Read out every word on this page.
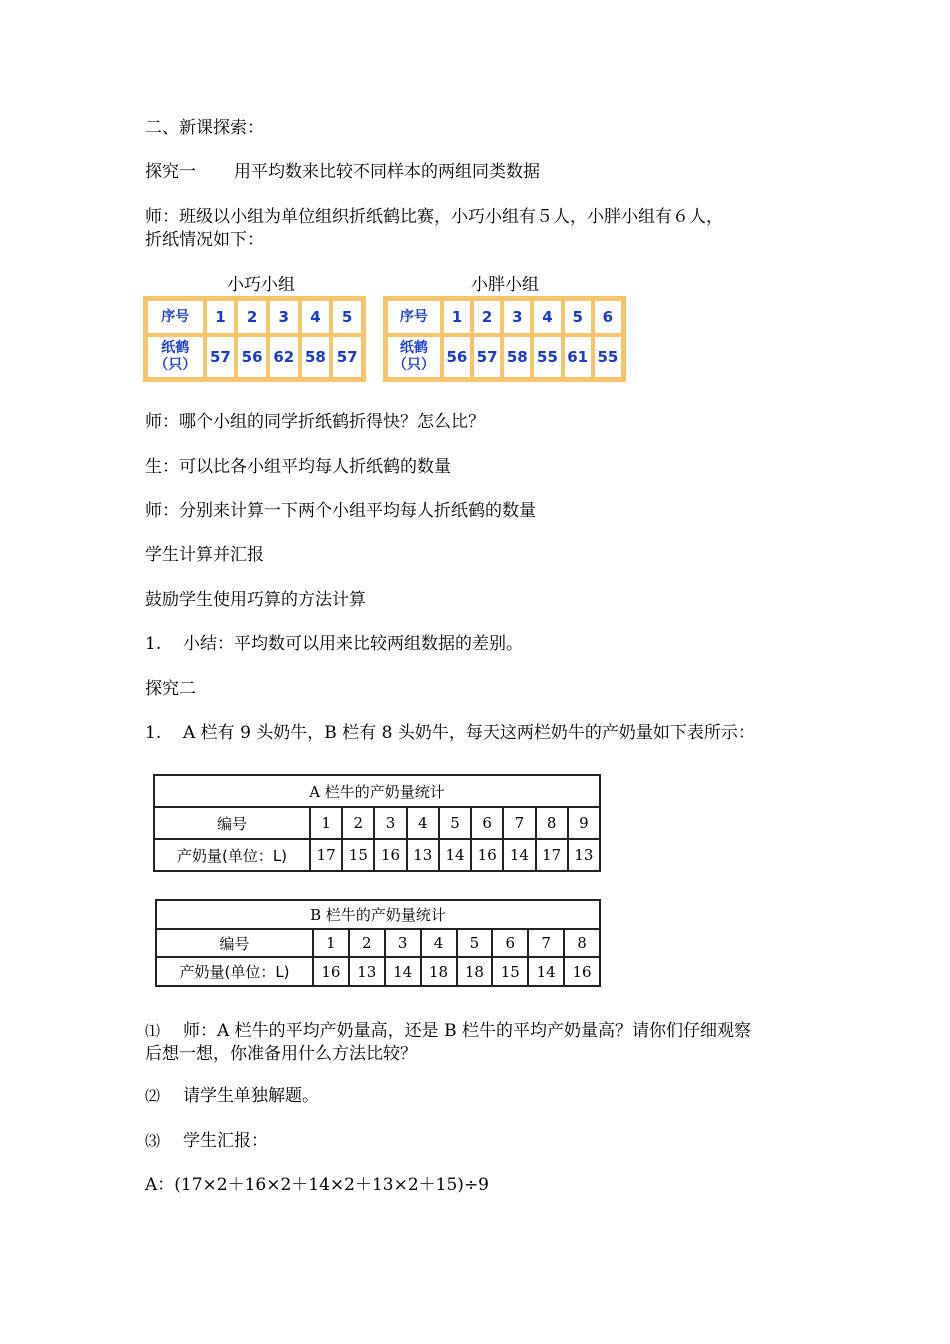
二、新课探索：
探究一 用平均数来比较不同样本的两组同类数据
师：班级以小组为单位组织折纸鹤比赛，小巧小组有５人，小胖小组有６人，
折纸情况如下：
小巧小组
序号	1	2	3	4	5
纸鹤
（只）	57	56	62	58	57
小胖小组
序号	1	2	3	4	5	6
纸鹤
（只）	56	57	58	55	61	55
师：哪个小组的同学折纸鹤折得快？怎么比？
生：可以比各小组平均每人折纸鹤的数量
师：分别来计算一下两个小组平均每人折纸鹤的数量
学生计算并汇报
鼓励学生使用巧算的方法计算
1. 小结：平均数可以用来比较两组数据的差别。
探究二
1. A 栏有 9 头奶牛，B 栏有 8 头奶牛，每天这两栏奶牛的产奶量如下表所示：
A 栏牛的产奶量统计									
编号	1	2	3	4	5	6	7	8	9
产奶量(单位：L)	17	15	16	13	14	16	14	17	13
B 栏牛的产奶量统计								
编号	1	2	3	4	5	6	7	8
产奶量(单位：L)	16	13	14	18	18	15	14	16
⑴ 师：A 栏牛的平均产奶量高，还是 B 栏牛的平均产奶量高？请你们仔细观察
后想一想，你准备用什么方法比较？
⑵ 请学生单独解题。
⑶ 学生汇报：
A：(17×2＋16×2＋14×2＋13×2＋15)÷9
